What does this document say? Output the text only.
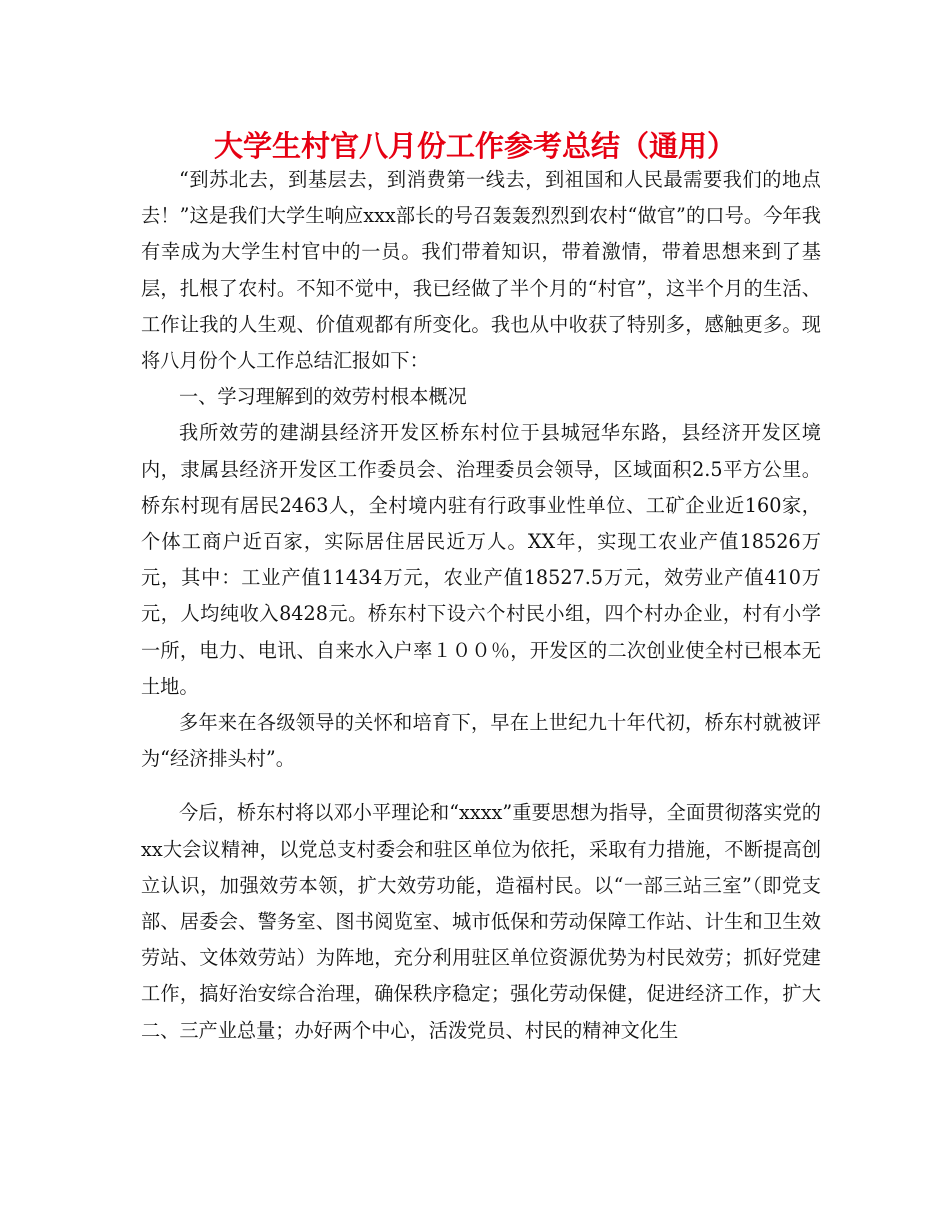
大学生村官八月份工作参考总结（通用）

“到苏北去，到基层去，到消费第一线去，到祖国和人民最需要我们的地点去！”这是我们大学生响应xxx部长的号召轰轰烈烈到农村“做官”的口号。今年我有幸成为大学生村官中的一员。我们带着知识，带着激情，带着思想来到了基层，扎根了农村。不知不觉中，我已经做了半个月的“村官”，这半个月的生活、工作让我的人生观、价值观都有所变化。我也从中收获了特别多，感触更多。现将八月份个人工作总结汇报如下：

一、学习理解到的效劳村根本概况

我所效劳的建湖县经济开发区桥东村位于县城冠华东路，县经济开发区境内，隶属县经济开发区工作委员会、治理委员会领导，区域面积2.5平方公里。桥东村现有居民2463人，全村境内驻有行政事业性单位、工矿企业近160家，个体工商户近百家，实际居住居民近万人。XX年，实现工农业产值18526万元，其中：工业产值11434万元，农业产值18527.5万元，效劳业产值410万元，人均纯收入8428元。桥东村下设六个村民小组，四个村办企业，村有小学一所，电力、电讯、自来水入户率１００％，开发区的二次创业使全村已根本无土地。

多年来在各级领导的关怀和培育下，早在上世纪九十年代初，桥东村就被评为“经济排头村”。

今后，桥东村将以邓小平理论和“xxxx”重要思想为指导，全面贯彻落实党的xx大会议精神，以党总支村委会和驻区单位为依托，采取有力措施，不断提高创立认识，加强效劳本领，扩大效劳功能，造福村民。以“一部三站三室”（即党支部、居委会、警务室、图书阅览室、城市低保和劳动保障工作站、计生和卫生效劳站、文体效劳站）为阵地，充分利用驻区单位资源优势为村民效劳；抓好党建工作，搞好治安综合治理，确保秩序稳定；强化劳动保健，促进经济工作，扩大二、三产业总量；办好两个中心，活泼党员、村民的精神文化生
